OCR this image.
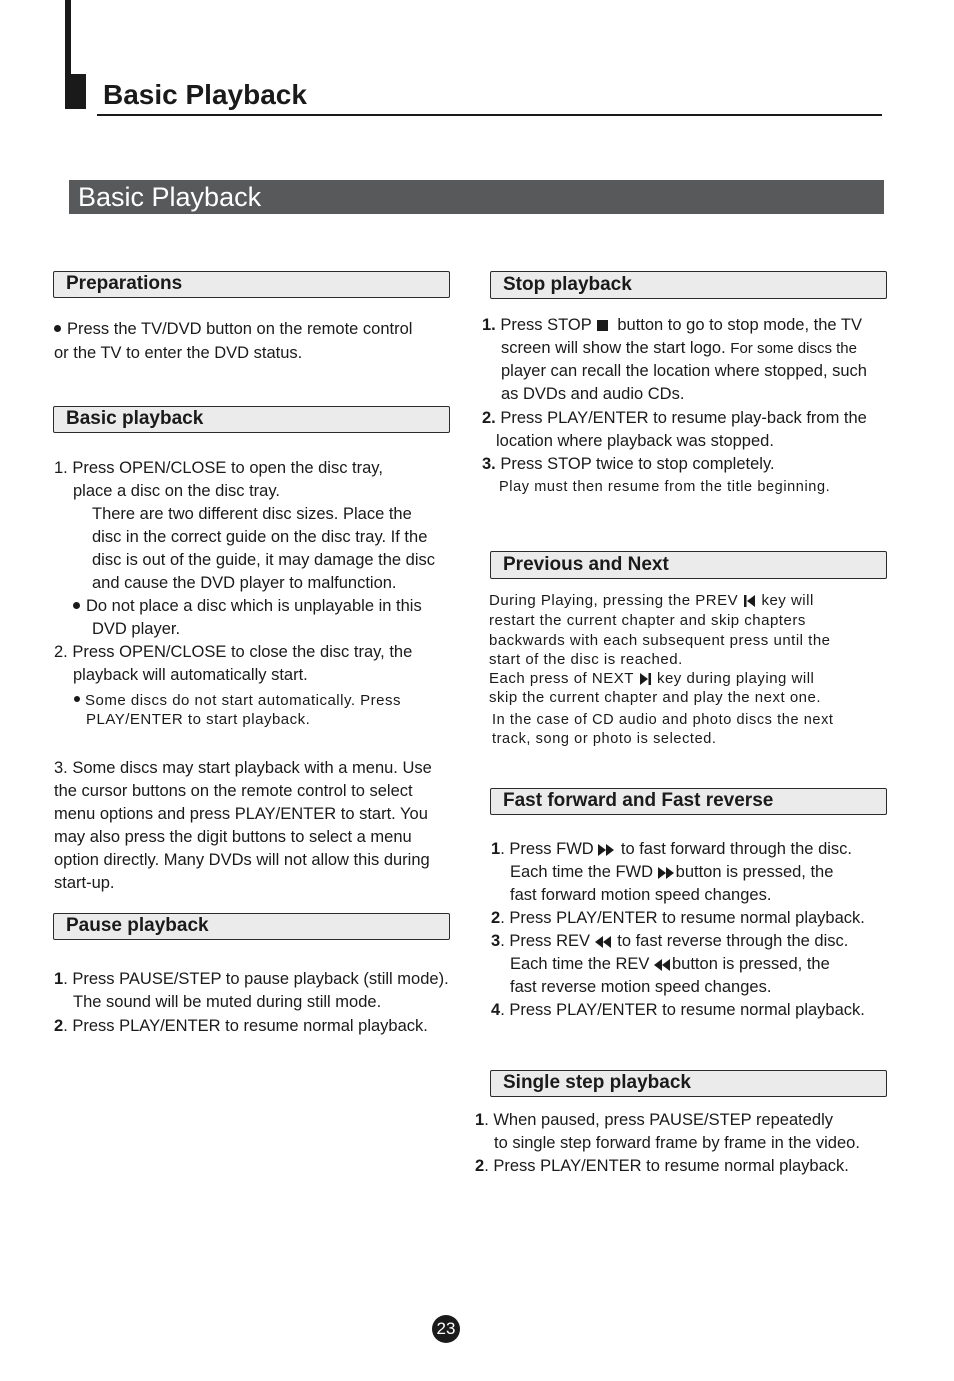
Basic Playback
Basic Playback
Preparations

Press the TV/DVD button on the remote control

or the TV to enter the DVD status.

Basic playback

1. Press OPEN/CLOSE to open the disc tray,

place a disc on the disc tray.

There are two different disc sizes. Place the

disc in the correct guide on the disc tray. If the

disc is out of the guide, it may damage the disc

and cause the DVD player to malfunction.

Do not place a disc which is unplayable in this

DVD player.

2. Press OPEN/CLOSE to close the disc tray, the

playback will automatically start.

Some discs do not start automatically. Press

PLAY/ENTER to start playback.

3. Some discs may start playback with a menu. Use

the cursor buttons on the remote control to select

menu options and press PLAY/ENTER to start. You

may also press the digit buttons to select a menu

option directly. Many DVDs will not allow this during

start-up.

Pause playback

1. Press PAUSE/STEP to pause playback (still mode).

The sound will be muted during still mode.

2. Press PLAY/ENTER to resume normal playback.

Stop playback

1. Press STOP button to go to stop mode, the TV

screen will show the start logo. For some discs the

player can recall the location where stopped, such

as DVDs and audio CDs.

2. Press PLAY/ENTER to resume play-back from the

location where playback was stopped.

3. Press STOP twice to stop completely.

Play must then resume from the title beginning.

Previous and Next

During Playing, pressing the PREV key will

restart the current chapter and skip chapters

backwards with each subsequent press until the

start of the disc is reached.

Each press of NEXT key during playing will

skip the current chapter and play the next one.

In the case of CD audio and photo discs the next

track, song or photo is selected.

Fast forward and Fast reverse

1. Press FWD to fast forward through the disc.

Each time the FWD button is pressed, the

fast forward motion speed changes.

2. Press PLAY/ENTER to resume normal playback.

3. Press REV to fast reverse through the disc.

Each time the REV button is pressed, the

fast reverse motion speed changes.

4. Press PLAY/ENTER to resume normal playback.

Single step playback

1. When paused, press PAUSE/STEP repeatedly

to single step forward frame by frame in the video.

2. Press PLAY/ENTER to resume normal playback.

23
